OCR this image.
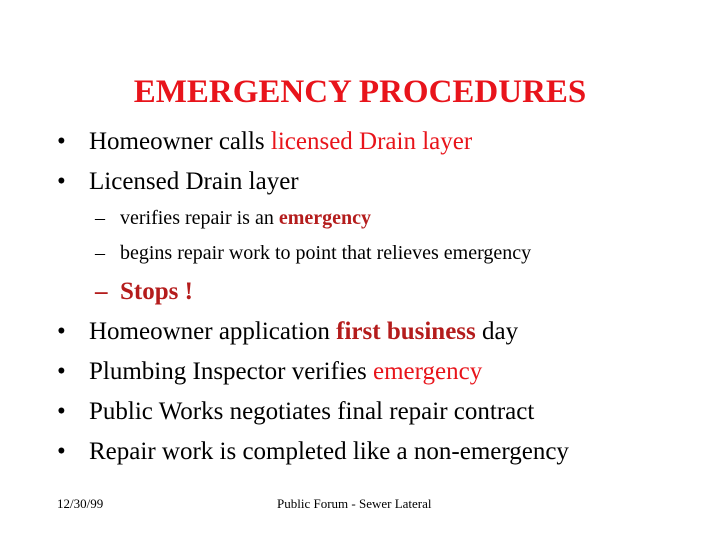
EMERGENCY PROCEDURES
• Homeowner calls licensed Drain layer
• Licensed Drain layer
– verifies repair is an emergency
– begins repair work to point that relieves emergency
– Stops !
• Homeowner application first business day
• Plumbing Inspector verifies emergency
• Public Works negotiates final repair contract
• Repair work is completed like a non-emergency
12/30/99	Public Forum - Sewer Lateral
